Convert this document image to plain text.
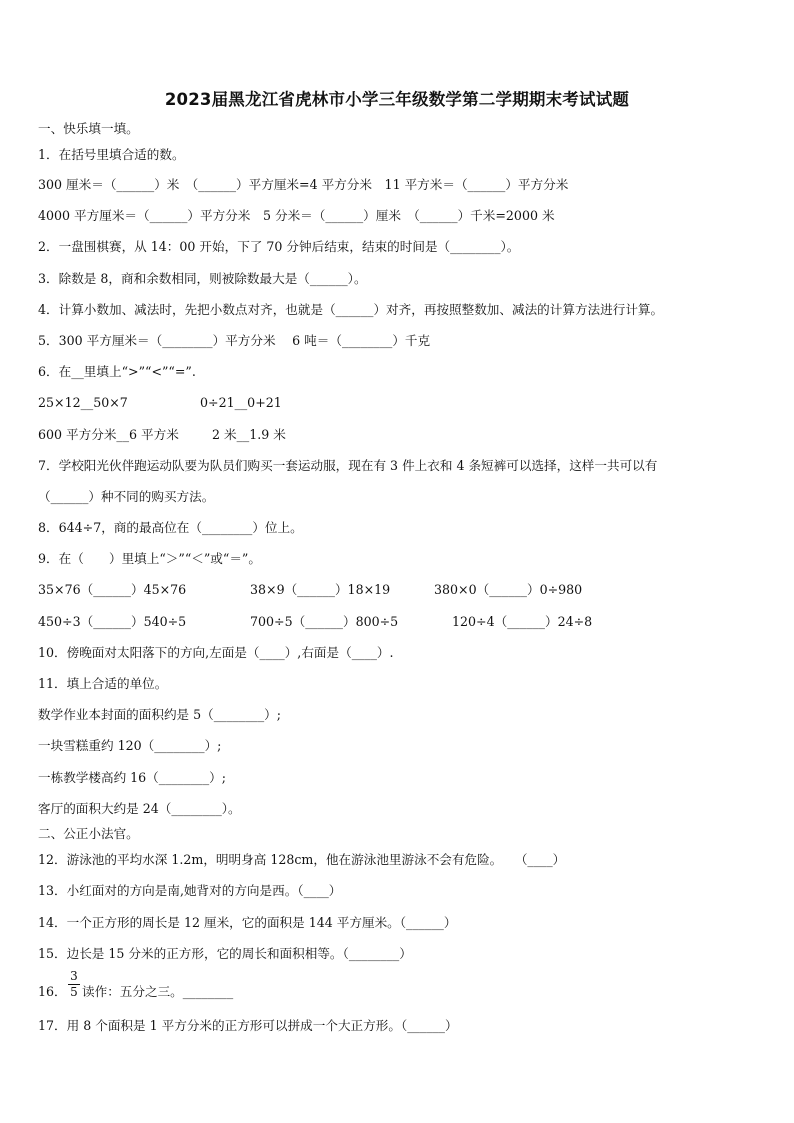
2023届黑龙江省虎林市小学三年级数学第二学期期末考试试题
一、快乐填一填。
1．在括号里填合适的数。
300 厘米＝（______）米　（______）平方厘米=4 平方分米　11 平方米＝（______）平方分米
4000 平方厘米＝（______）平方分米　5 分米＝（______）厘米　（______）千米=2000 米
2．一盘围棋赛，从 14：00 开始，下了 70 分钟后结束，结束的时间是（________）。
3．除数是 8，商和余数相同，则被除数最大是（______）。
4．计算小数加、减法时，先把小数点对齐，也就是（______）对齐，再按照整数加、减法的计算方法进行计算。
5．300 平方厘米＝（________）平方分米　 6 吨＝（________）千克
6．在__里填上“>”“<”“=”.
25×12__50×7	0÷21__0+21
600 平方分米__6 平方米	2 米__1.9 米
7．学校阳光伙伴跑运动队要为队员们购买一套运动服，现在有 3 件上衣和 4 条短裤可以选择，这样一共可以有
（______）种不同的购买方法。
8．644÷7，商的最高位在（________）位上。
9．在（　　）里填上“＞”“＜”或“＝”。
35×76（______）45×76	38×9（______）18×19	380×0（______）0÷980
450÷3（______）540÷5	700÷5（______）800÷5	120÷4（______）24÷8
10．傍晚面对太阳落下的方向,左面是（____）,右面是（____）.
11．填上合适的单位。
数学作业本封面的面积约是 5（________）;
一块雪糕重约 120（________）;
一栋教学楼高约 16（________）;
客厅的面积大约是 24（________）。
二、公正小法官。
12．游泳池的平均水深 1.2m，明明身高 128cm，他在游泳池里游泳不会有危险。　　（____）
13．小红面对的方向是南,她背对的方向是西。（____）
14．一个正方形的周长是 12 厘米，它的面积是 144 平方厘米。（______）
15．边长是 15 分米的正方形，它的周长和面积相等。（________）
16．
3
5 读作：五分之三。________
17．用 8 个面积是 1 平方分米的正方形可以拼成一个大正方形。（______）
